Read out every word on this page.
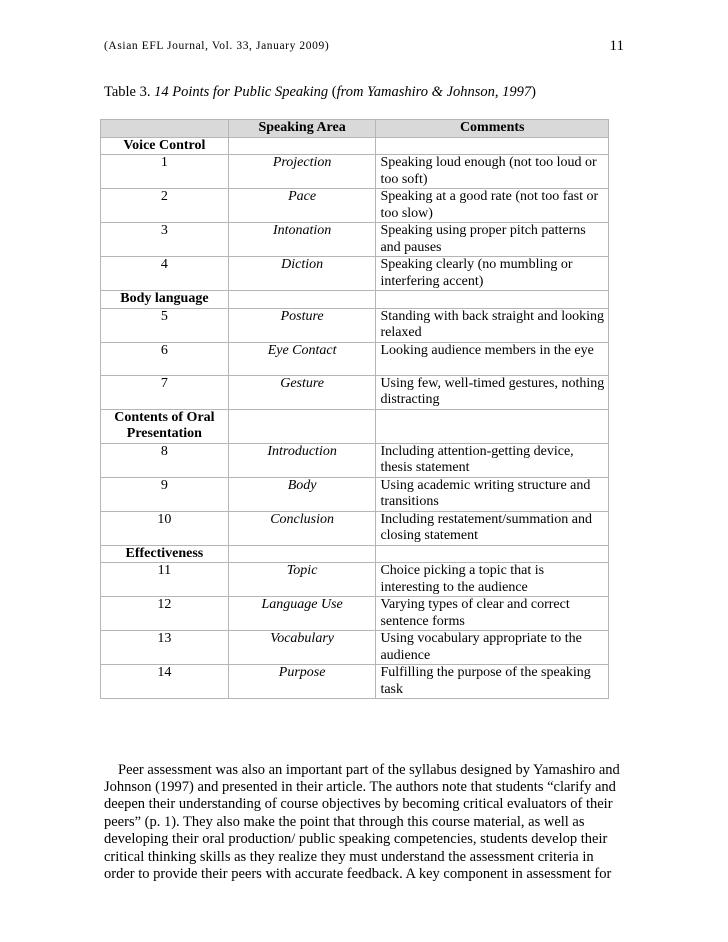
(Asian EFL Journal, Vol. 33, January 2009)	11
Table 3. 14 Points for Public Speaking (from Yamashiro & Johnson, 1997)
	Speaking Area	Comments
Voice Control		
1	Projection	Speaking loud enough (not too loud or too soft)
2	Pace	Speaking at a good rate (not too fast or too slow)
3	Intonation	Speaking using proper pitch patterns and pauses
4	Diction	Speaking clearly (no mumbling or interfering accent)
Body language		
5	Posture	Standing with back straight and looking relaxed
6	Eye Contact	Looking audience members in the eye
7	Gesture	Using few, well-timed gestures, nothing distracting
Contents of Oral Presentation		
8	Introduction	Including attention-getting device, thesis statement
9	Body	Using academic writing structure and transitions
10	Conclusion	Including restatement/summation and closing statement
Effectiveness		
11	Topic	Choice picking a topic that is interesting to the audience
12	Language Use	Varying types of clear and correct sentence forms
13	Vocabulary	Using vocabulary appropriate to the audience
14	Purpose	Fulfilling the purpose of the speaking task

Peer assessment was also an important part of the syllabus designed by Yamashiro and Johnson (1997) and presented in their article. The authors note that students “clarify and deepen their understanding of course objectives by becoming critical evaluators of their peers” (p. 1). They also make the point that through this course material, as well as developing their oral production/ public speaking competencies, students develop their critical thinking skills as they realize they must understand the assessment criteria in order to provide their peers with accurate feedback. A key component in assessment for
